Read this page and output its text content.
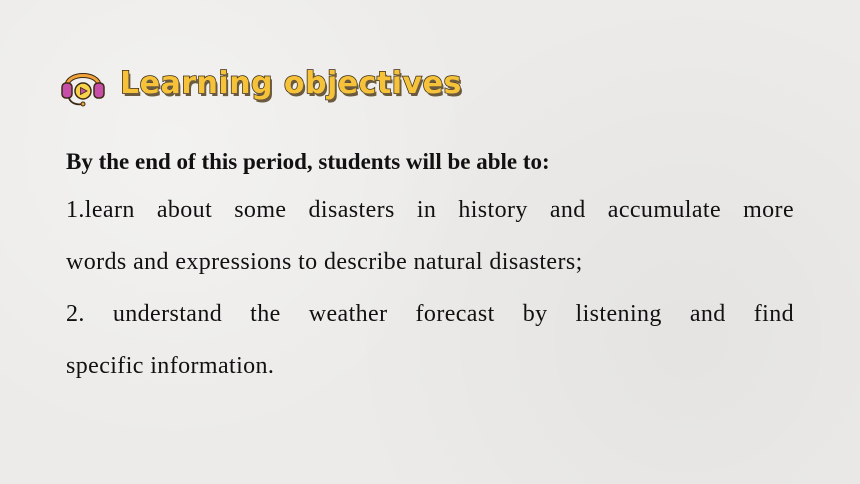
Learning objectives

By the end of this period, students will be able to:

1.learn about some disasters in history and accumulate more
words and expressions to describe natural disasters;

2. understand the weather forecast by listening and find
specific information.
